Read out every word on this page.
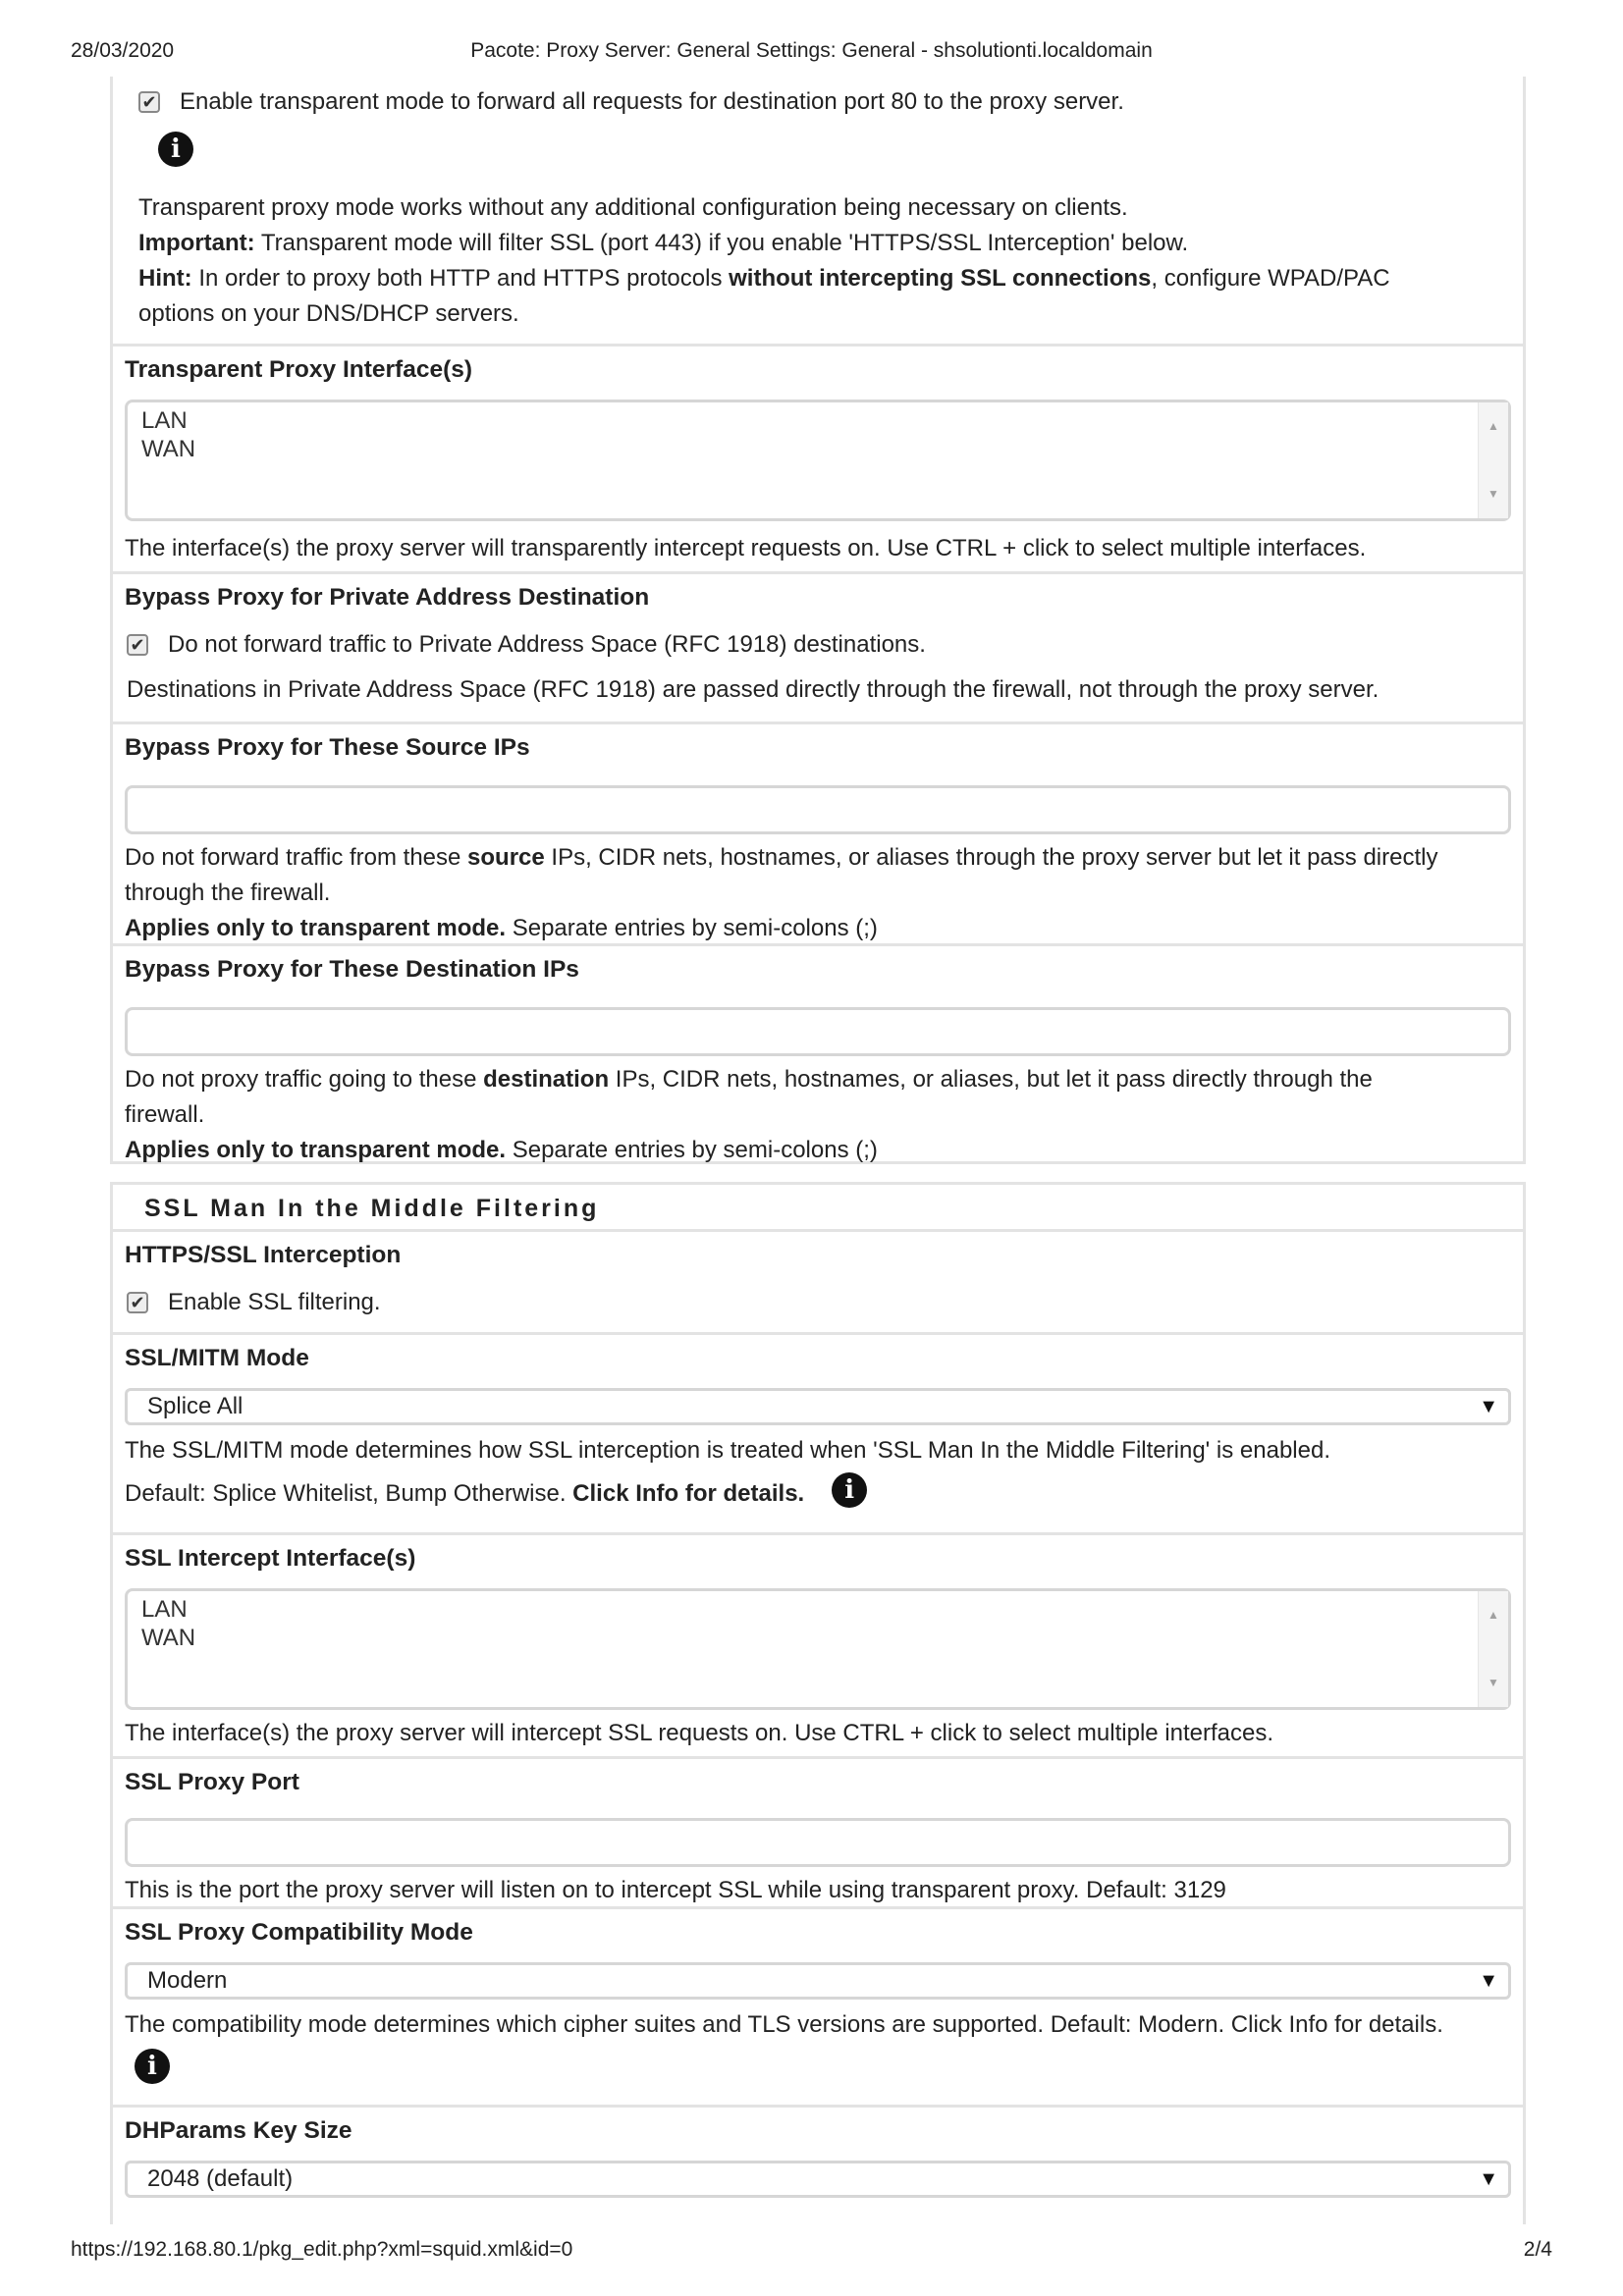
28/03/2020	Pacote: Proxy Server: General Settings: General - shsolutionti.localdomain
✔ Enable transparent mode to forward all requests for destination port 80 to the proxy server.
i
Transparent proxy mode works without any additional configuration being necessary on clients.
Important: Transparent mode will filter SSL (port 443) if you enable 'HTTPS/SSL Interception' below.
Hint: In order to proxy both HTTP and HTTPS protocols without intercepting SSL connections, configure WPAD/PAC
options on your DNS/DHCP servers.
Transparent Proxy Interface(s)
LAN
WAN
▲
▼
The interface(s) the proxy server will transparently intercept requests on. Use CTRL + click to select multiple interfaces.
Bypass Proxy for Private Address Destination
✔ Do not forward traffic to Private Address Space (RFC 1918) destinations.
Destinations in Private Address Space (RFC 1918) are passed directly through the firewall, not through the proxy server.
Bypass Proxy for These Source IPs
Do not forward traffic from these source IPs, CIDR nets, hostnames, or aliases through the proxy server but let it pass directly
through the firewall.
Applies only to transparent mode. Separate entries by semi-colons (;)
Bypass Proxy for These Destination IPs
Do not proxy traffic going to these destination IPs, CIDR nets, hostnames, or aliases, but let it pass directly through the
firewall.
Applies only to transparent mode. Separate entries by semi-colons (;)
SSL Man In the Middle Filtering
HTTPS/SSL Interception
✔ Enable SSL filtering.
SSL/MITM Mode
Splice All	▼
The SSL/MITM mode determines how SSL interception is treated when 'SSL Man In the Middle Filtering' is enabled.
Default: Splice Whitelist, Bump Otherwise. Click Info for details.	i
SSL Intercept Interface(s)
LAN
WAN
▲
▼
The interface(s) the proxy server will intercept SSL requests on. Use CTRL + click to select multiple interfaces.
SSL Proxy Port
This is the port the proxy server will listen on to intercept SSL while using transparent proxy. Default: 3129
SSL Proxy Compatibility Mode
Modern	▼
The compatibility mode determines which cipher suites and TLS versions are supported. Default: Modern. Click Info for details.
i
DHParams Key Size
2048 (default)	▼
https://192.168.80.1/pkg_edit.php?xml=squid.xml&id=0	2/4
